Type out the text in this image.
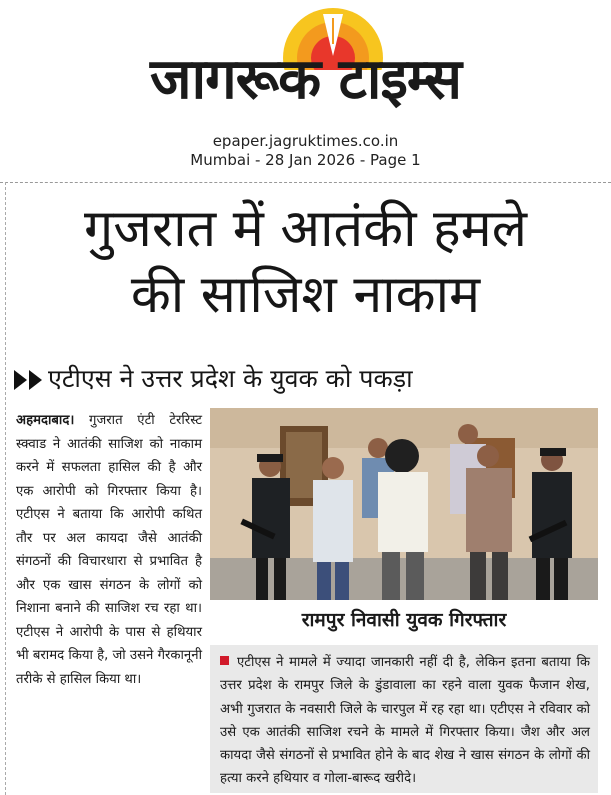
जागरूक टाइम्स
epaper.jagruktimes.co.in
Mumbai - 28 Jan 2026 - Page 1
गुजरात में आतंकी हमले
की साजिश नाकाम
एटीएस ने उत्तर प्रदेश के युवक को पकड़ा
अहमदाबाद। गुजरात एंटी टेररिस्ट स्क्वाड ने आतंकी साजिश को नाकाम करने में सफलता हासिल की है और एक आरोपी को गिरफ्तार किया है। एटीएस ने बताया कि आरोपी कथित तौर पर अल कायदा जैसे आतंकी संगठनों की विचारधारा से प्रभावित है और एक खास संगठन के लोगों को निशाना बनाने की साजिश रच रहा था। एटीएस ने आरोपी के पास से हथियार भी बरामद किया है, जो उसने गैरकानूनी तरीके से हासिल किया था।
रामपुर निवासी युवक गिरफ्तार
एटीएस ने मामले में ज्यादा जानकारी नहीं दी है, लेकिन इतना बताया कि उत्तर प्रदेश के रामपुर जिले के डुंडावाला का रहने वाला युवक फैजान शेख, अभी गुजरात के नवसारी जिले के चारपुल में रह रहा था। एटीएस ने रविवार को उसे एक आतंकी साजिश रचने के मामले में गिरफ्तार किया। जैश और अल कायदा जैसे संगठनों से प्रभावित होने के बाद शेख ने खास संगठन के लोगों की हत्या करने हथियार व गोला-बारूद खरीदे।
